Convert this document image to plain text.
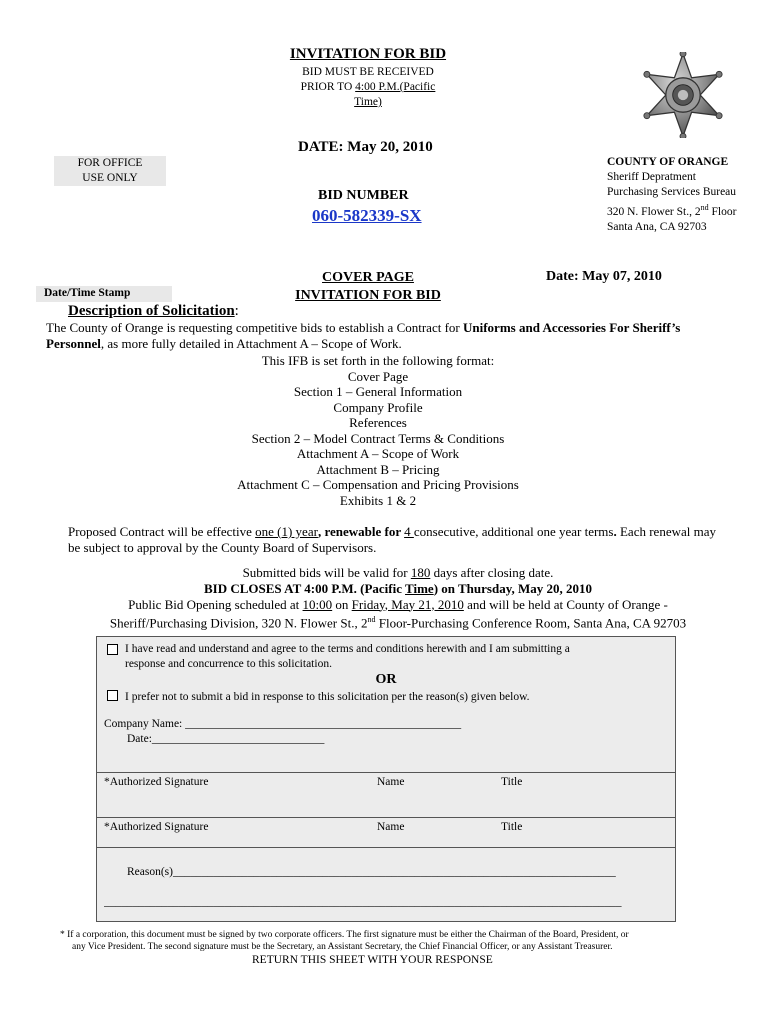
INVITATION FOR BID
BID MUST BE RECEIVED
PRIOR TO 4:00 P.M.(Pacific
Time)
DATE: May 20, 2010
FOR OFFICE
USE ONLY
COUNTY OF ORANGE
Sheriff Depratment
Purchasing Services Bureau
320 N. Flower St., 2nd Floor
Santa Ana, CA 92703
BID NUMBER
060-582339-SX
COVER PAGE
INVITATION FOR BID
Date: May 07, 2010
Date/Time Stamp
Description of Solicitation:
The County of Orange is requesting competitive bids to establish a Contract for Uniforms and Accessories For Sheriff’s Personnel, as more fully detailed in Attachment A – Scope of Work.
This IFB is set forth in the following format:
Cover Page
Section 1 – General Information
Company Profile
References
Section 2 – Model Contract Terms & Conditions
Attachment A – Scope of Work
Attachment B – Pricing
Attachment C – Compensation and Pricing Provisions
Exhibits 1 & 2
Proposed Contract will be effective one (1) year, renewable for 4 consecutive, additional one year terms. Each renewal may be subject to approval by the County Board of Supervisors.
Submitted bids will be valid for 180 days after closing date.
BID CLOSES AT 4:00 P.M. (Pacific Time) on Thursday, May 20, 2010
Public Bid Opening scheduled at 10:00 on Friday, May 21, 2010 and will be held at County of Orange -
Sheriff/Purchasing Division, 320 N. Flower St., 2nd Floor-Purchasing Conference Room, Santa Ana, CA 92703
I have read and understand and agree to the terms and conditions herewith and I am submitting a
response and concurrence to this solicitation.
OR
I prefer not to submit a bid in response to this solicitation per the reason(s) given below.
Company Name: ________________________________________________
Date:______________________________
*Authorized Signature	Name	Title
*Authorized Signature	Name	Title
Reason(s)_____________________________________________________________________________
__________________________________________________________________________________________
* If a corporation, this document must be signed by two corporate officers. The first signature must be either the Chairman of the Board, President, or
any Vice President. The second signature must be the Secretary, an Assistant Secretary, the Chief Financial Officer, or any Assistant Treasurer.
RETURN THIS SHEET WITH YOUR RESPONSE
